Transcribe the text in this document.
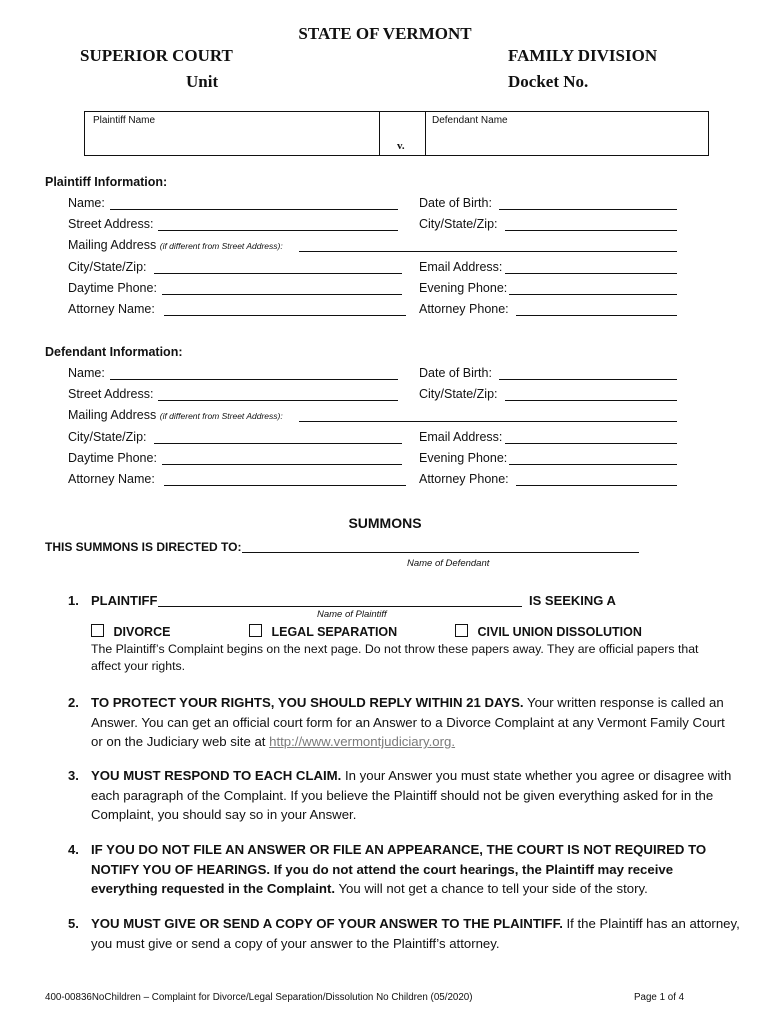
STATE OF VERMONT
SUPERIOR COURT
Unit
FAMILY DIVISION
Docket No.
Plaintiff Name
v.
Defendant Name
Plaintiff Information:
Name:	Date of Birth:
Street Address:	City/State/Zip:
Mailing Address (if different from Street Address):
City/State/Zip:	Email Address:
Daytime Phone:	Evening Phone:
Attorney Name:	Attorney Phone:
Defendant Information:
Name:	Date of Birth:
Street Address:	City/State/Zip:
Mailing Address (if different from Street Address):
City/State/Zip:	Email Address:
Daytime Phone:	Evening Phone:
Attorney Name:	Attorney Phone:
SUMMONS
THIS SUMMONS IS DIRECTED TO:
Name of Defendant
1. PLAINTIFF	IS SEEKING A
Name of Plaintiff
DIVORCE	LEGAL SEPARATION	CIVIL UNION DISSOLUTION
The Plaintiff’s Complaint begins on the next page. Do not throw these papers away. They are official papers that affect your rights.
2. TO PROTECT YOUR RIGHTS, YOU SHOULD REPLY WITHIN 21 DAYS. Your written response is called an Answer. You can get an official court form for an Answer to a Divorce Complaint at any Vermont Family Court or on the Judiciary web site at http://www.vermontjudiciary.org.
3. YOU MUST RESPOND TO EACH CLAIM. In your Answer you must state whether you agree or disagree with each paragraph of the Complaint. If you believe the Plaintiff should not be given everything asked for in the Complaint, you should say so in your Answer.
4. IF YOU DO NOT FILE AN ANSWER OR FILE AN APPEARANCE, THE COURT IS NOT REQUIRED TO NOTIFY YOU OF HEARINGS. If you do not attend the court hearings, the Plaintiff may receive everything requested in the Complaint. You will not get a chance to tell your side of the story.
5. YOU MUST GIVE OR SEND A COPY OF YOUR ANSWER TO THE PLAINTIFF. If the Plaintiff has an attorney, you must give or send a copy of your answer to the Plaintiff’s attorney.
400-00836NoChildren – Complaint for Divorce/Legal Separation/Dissolution No Children (05/2020)	Page 1 of 4
